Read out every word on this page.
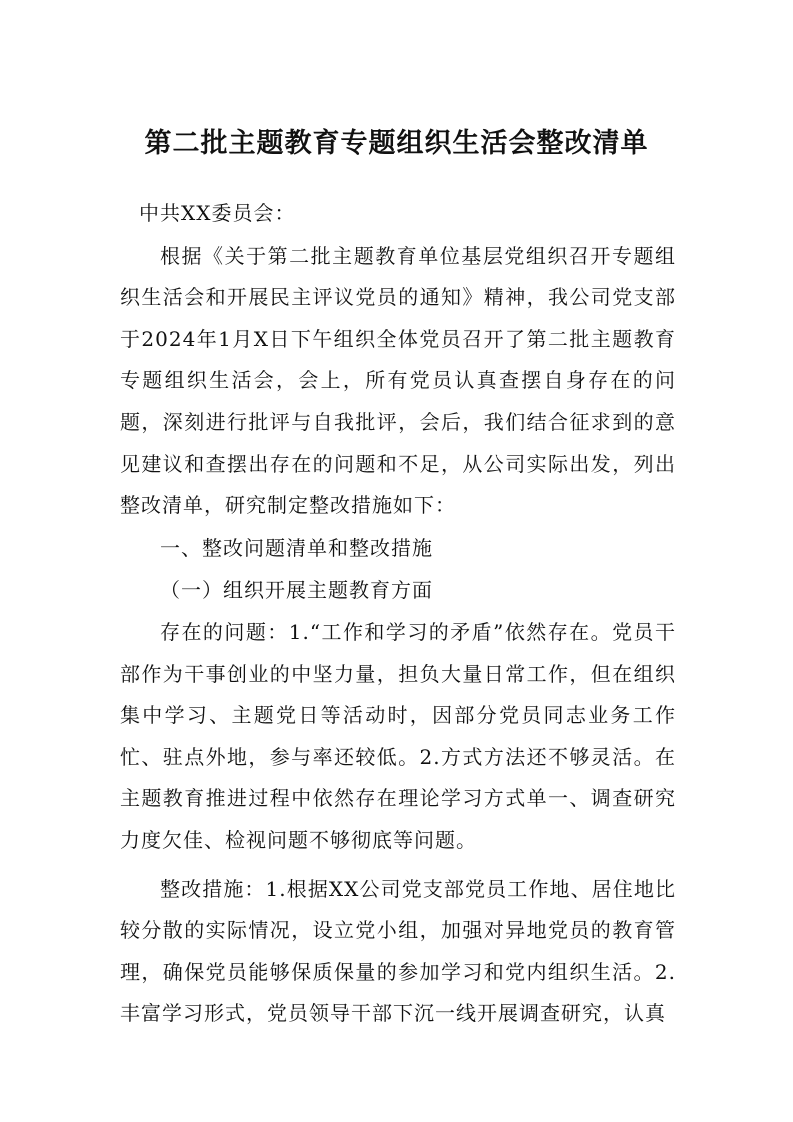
第二批主题教育专题组织生活会整改清单

中共XX委员会：

根据《关于第二批主题教育单位基层党组织召开专题组织生活会和开展民主评议党员的通知》精神，我公司党支部于2024年1月X日下午组织全体党员召开了第二批主题教育专题组织生活会，会上，所有党员认真查摆自身存在的问题，深刻进行批评与自我批评，会后，我们结合征求到的意见建议和查摆出存在的问题和不足，从公司实际出发，列出整改清单，研究制定整改措施如下：

一、整改问题清单和整改措施

（一）组织开展主题教育方面

存在的问题：1.“工作和学习的矛盾”依然存在。党员干部作为干事创业的中坚力量，担负大量日常工作，但在组织集中学习、主题党日等活动时，因部分党员同志业务工作忙、驻点外地，参与率还较低。2.方式方法还不够灵活。在主题教育推进过程中依然存在理论学习方式单一、调查研究力度欠佳、检视问题不够彻底等问题。

整改措施：1.根据XX公司党支部党员工作地、居住地比较分散的实际情况，设立党小组，加强对异地党员的教育管理，确保党员能够保质保量的参加学习和党内组织生活。2.丰富学习形式，党员领导干部下沉一线开展调查研究，认真
